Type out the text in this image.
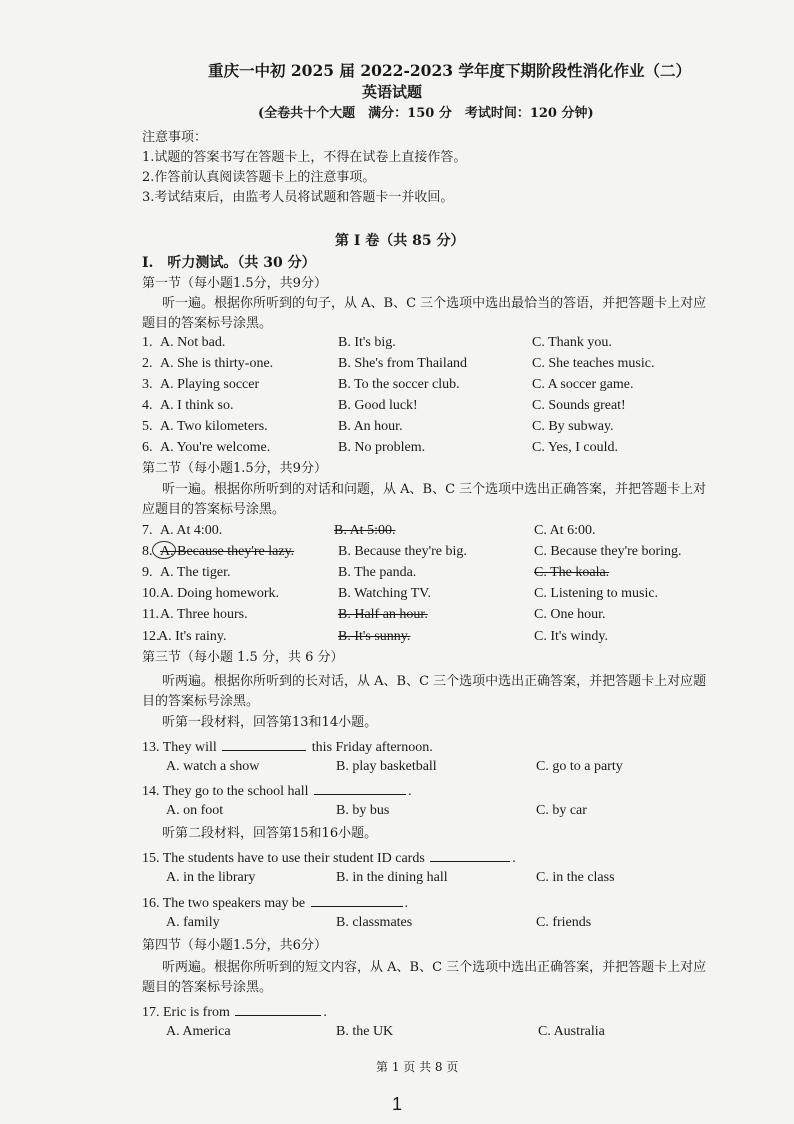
重庆一中初 2025 届 2022-2023 学年度下期阶段性消化作业（二）
英语试题
(全卷共十个大题　满分：150 分　考试时间：120 分钟)
注意事项：
1.试题的答案书写在答题卡上，不得在试卷上直接作答。
2.作答前认真阅读答题卡上的注意事项。
3.考试结束后，由监考人员将试题和答题卡一并收回。
第 I 卷（共 85 分）
I.　听力测试。（共 30 分）
第一节（每小题1.5分，共9分）
听一遍。根据你所听到的句子，从 A、B、C 三个选项中选出最恰当的答语，并把答题卡上对应
题目的答案标号涂黑。
1. A. Not bad.	B. It's big.	C. Thank you.
2. A. She is thirty-one.	B. She's from Thailand	C. She teaches music.
3. A. Playing soccer	B. To the soccer club.	C. A soccer game.
4. A. I think so.	B. Good luck!	C. Sounds great!
5. A. Two kilometers.	B. An hour.	C. By subway.
6. A. You're welcome.	B. No problem.	C. Yes, I could.
第二节（每小题1.5分，共9分）
听一遍。根据你所听到的对话和问题，从 A、B、C 三个选项中选出正确答案，并把答题卡上对
应题目的答案标号涂黑。
7. A. At 4:00.	B. At 5:00.	C. At 6:00.
8. A. Because they're lazy.	B. Because they're big.	C. Because they're boring.
9. A. The tiger.	B. The panda.	C. The koala.
10. A. Doing homework.	B. Watching TV.	C. Listening to music.
11. A. Three hours.	B. Half an hour.	C. One hour.
12.
A. It's rainy.	B. It's sunny.	C. It's windy.
第三节（每小题 1.5 分，共 6 分）
听两遍。根据你所听到的长对话，从 A、B、C 三个选项中选出正确答案，并把答题卡上对应题
目的答案标号涂黑。
听第一段材料，回答第13和14小题。
13. They will	this Friday afternoon.
A. watch a show	B. play basketball	C. go to a party
14. They go to the school hall	.
A. on foot	B. by bus	C. by car
听第二段材料，回答第15和16小题。
15. The students have to use their student ID cards	.
A. in the library	B. in the dining hall	C. in the class
16. The two speakers may be	.
A. family	B. classmates	C. friends
第四节（每小题1.5分，共6分）
听两遍。根据你所听到的短文内容，从 A、B、C 三个选项中选出正确答案，并把答题卡上对应
题目的答案标号涂黑。
17. Eric is from	.
A. America	B. the UK	C. Australia
第 1 页 共 8 页
1
